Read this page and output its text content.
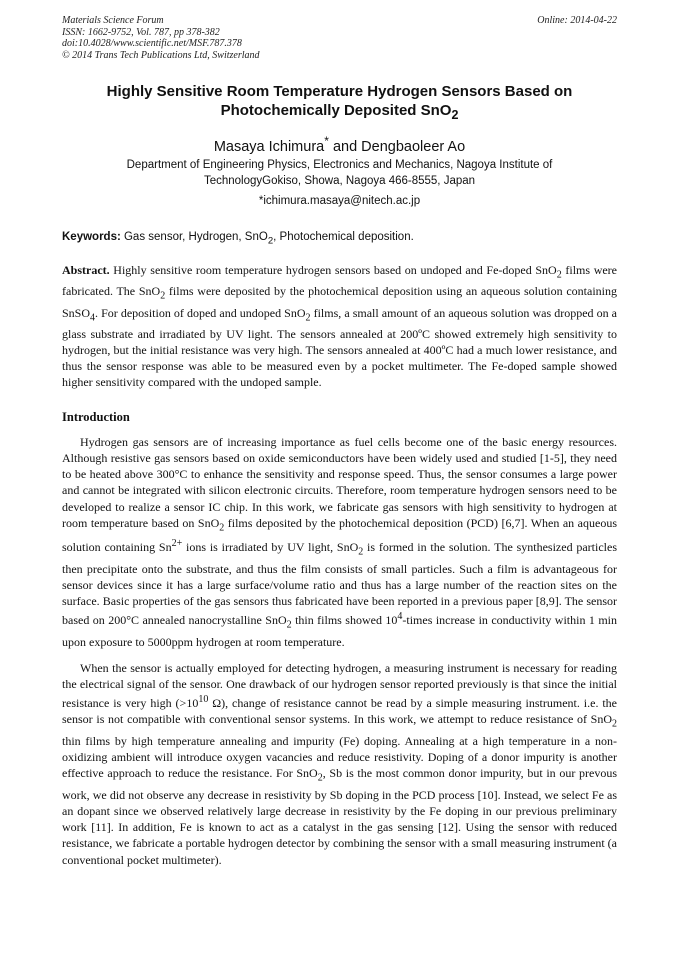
Materials Science Forum
ISSN: 1662-9752, Vol. 787, pp 378-382
doi:10.4028/www.scientific.net/MSF.787.378
© 2014 Trans Tech Publications Ltd, Switzerland
Online: 2014-04-22
Highly Sensitive Room Temperature Hydrogen Sensors Based on
Photochemically Deposited SnO$_2$
Masaya Ichimura* and Dengbaoleer Ao
Department of Engineering Physics, Electronics and Mechanics, Nagoya Institute of
TechnologyGokiso, Showa, Nagoya 466-8555, Japan
*ichimura.masaya@nitech.ac.jp
Keywords: Gas sensor, Hydrogen, SnO$_2$, Photochemical deposition.
Abstract. Highly sensitive room temperature hydrogen sensors based on undoped and Fe-doped SnO$_2$ films were fabricated. The SnO$_2$ films were deposited by the photochemical deposition using an aqueous solution containing SnSO$_4$. For deposition of doped and undoped SnO$_2$ films, a small amount of an aqueous solution was dropped on a glass substrate and irradiated by UV light. The sensors annealed at 200ºC showed extremely high sensitivity to hydrogen, but the initial resistance was very high. The sensors annealed at 400ºC had a much lower resistance, and thus the sensor response was able to be measured even by a pocket multimeter. The Fe-doped sample showed higher sensitivity compared with the undoped sample.
Introduction
Hydrogen gas sensors are of increasing importance as fuel cells become one of the basic energy resources. Although resistive gas sensors based on oxide semiconductors have been widely used and studied [1-5], they need to be heated above 300°C to enhance the sensitivity and response speed. Thus, the sensor consumes a large power and cannot be integrated with silicon electronic circuits. Therefore, room temperature hydrogen sensors need to be developed to realize a sensor IC chip. In this work, we fabricate gas sensors with high sensitivity to hydrogen at room temperature based on SnO$_2$ films deposited by the photochemical deposition (PCD) [6,7]. When an aqueous solution containing $Sn^{2+}$ ions is irradiated by UV light, SnO$_2$ is formed in the solution. The synthesized particles then precipitate onto the substrate, and thus the film consists of small particles. Such a film is advantageous for sensor devices since it has a large surface/volume ratio and thus has a large number of the reaction sites on the surface. Basic properties of the gas sensors thus fabricated have been reported in a previous paper [8,9]. The sensor based on 200°C annealed nanocrystalline SnO$_2$ thin films showed $10^4$-times increase in conductivity within 1 min upon exposure to 5000ppm hydrogen at room temperature.
When the sensor is actually employed for detecting hydrogen, a measuring instrument is necessary for reading the electrical signal of the sensor. One drawback of our hydrogen sensor reported previously is that since the initial resistance is very high ($>10^{10}$ Ω), change of resistance cannot be read by a simple measuring instrument. i.e. the sensor is not compatible with conventional sensor systems. In this work, we attempt to reduce resistance of SnO$_2$ thin films by high temperature annealing and impurity (Fe) doping. Annealing at a high temperature in a non-oxidizing ambient will introduce oxygen vacancies and reduce resistivity. Doping of a donor impurity is another effective approach to reduce the resistance. For SnO$_2$, Sb is the most common donor impurity, but in our prevous work, we did not observe any decrease in resistivity by Sb doping in the PCD process [10]. Instead, we select Fe as an dopant since we observed relatively large decrease in resistivity by the Fe doping in our previous preliminary work [11]. In addition, Fe is known to act as a catalyst in the gas sensing [12]. Using the sensor with reduced resistance, we fabricate a portable hydrogen detector by combining the sensor with a small measuring instrument (a conventional pocket multimeter).
